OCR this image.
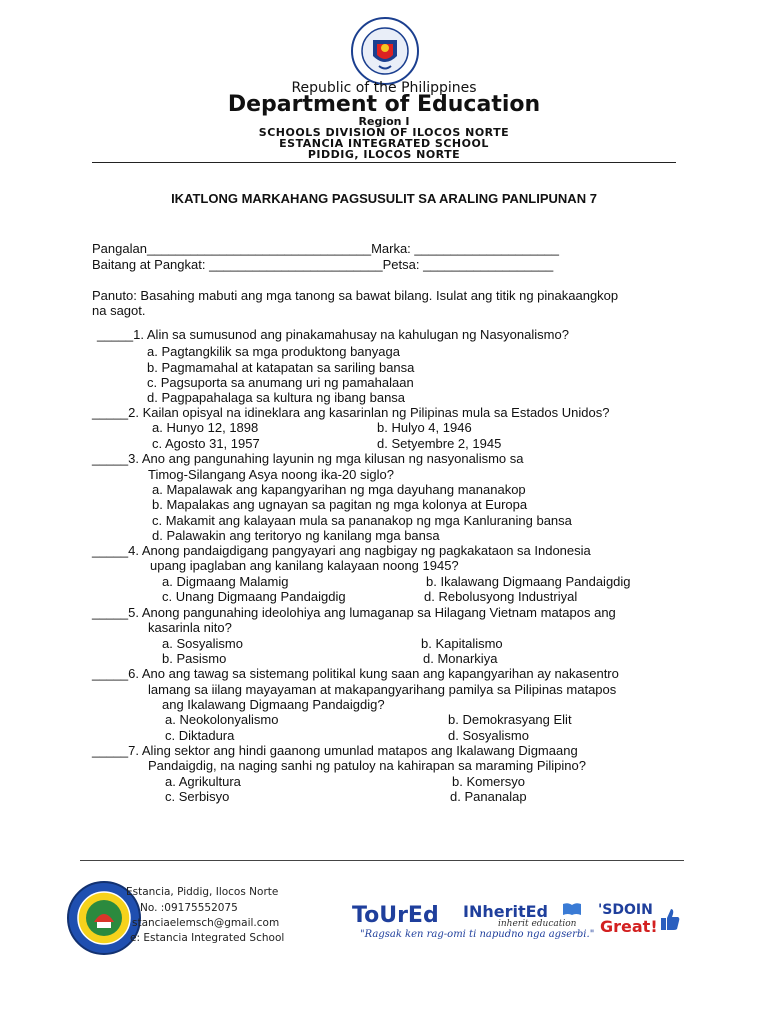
Republic of the Philippines
Department of Education
Region I
SCHOOLS DIVISION OF ILOCOS NORTE
ESTANCIA INTEGRATED SCHOOL
PIDDIG, ILOCOS NORTE
IKATLONG MARKAHANG PAGSUSULIT SA ARALING PANLIPUNAN 7
Pangalan_______________________________Marka: ____________________
Baitang at Pangkat: ________________________Petsa: __________________
Panuto: Basahing mabuti ang mga tanong sa bawat bilang. Isulat ang titik ng pinakaangkop
na sagot.
_____1. Alin sa sumusunod ang pinakamahusay na kahulugan ng Nasyonalismo?
a. Pagtangkilik sa mga produktong banyaga
b. Pagmamahal at katapatan sa sariling bansa
c. Pagsuporta sa anumang uri ng pamahalaan
d. Pagpapahalaga sa kultura ng ibang bansa
_____2. Kailan opisyal na idineklara ang kasarinlan ng Pilipinas mula sa Estados Unidos?
a. Hunyo 12, 1898	b. Hulyo 4, 1946
c. Agosto 31, 1957	d. Setyembre 2, 1945
_____3. Ano ang pangunahing layunin ng mga kilusan ng nasyonalismo sa
Timog-Silangang Asya noong ika-20 siglo?
a. Mapalawak ang kapangyarihan ng mga dayuhang mananakop
b. Mapalakas ang ugnayan sa pagitan ng mga kolonya at Europa
c. Makamit ang kalayaan mula sa pananakop ng mga Kanluraning bansa
d. Palawakin ang teritoryo ng kanilang mga bansa
_____4. Anong pandaigdigang pangyayari ang nagbigay ng pagkakataon sa Indonesia
upang ipaglaban ang kanilang kalayaan noong 1945?
a. Digmaang Malamig	b. Ikalawang Digmaang Pandaigdig
c. Unang Digmaang Pandaigdig	d. Rebolusyong Industriyal
_____5. Anong pangunahing ideolohiya ang lumaganap sa Hilagang Vietnam matapos ang
kasarinla nito?
a. Sosyalismo	b. Kapitalismo
b. Pasismo	d. Monarkiya
_____6. Ano ang tawag sa sistemang politikal kung saan ang kapangyarihan ay nakasentro
lamang sa iilang mayayaman at makapangyarihang pamilya sa Pilipinas matapos
ang Ikalawang Digmaang Pandaigdig?
a. Neokolonyalismo	b. Demokrasyang Elit
c. Diktadura	d. Sosyalismo
_____7. Aling sektor ang hindi gaanong umunlad matapos ang Ikalawang Digmaang
Pandaigdig, na naging sanhi ng patuloy na kahirapan sa maraming Pilipino?
a. Agrikultura	b. Komersyo
c. Serbisyo	d. Pananalap
Estancia, Piddig, Ilocos Norte
No. :09175552075
stanciaelemsch@gmail.com
e: Estancia Integrated School
ToUrEd INheritEd
inherit education
"Ragsak ken rag-omi ti napudno nga agserbi."
'SDOIN
Great!
